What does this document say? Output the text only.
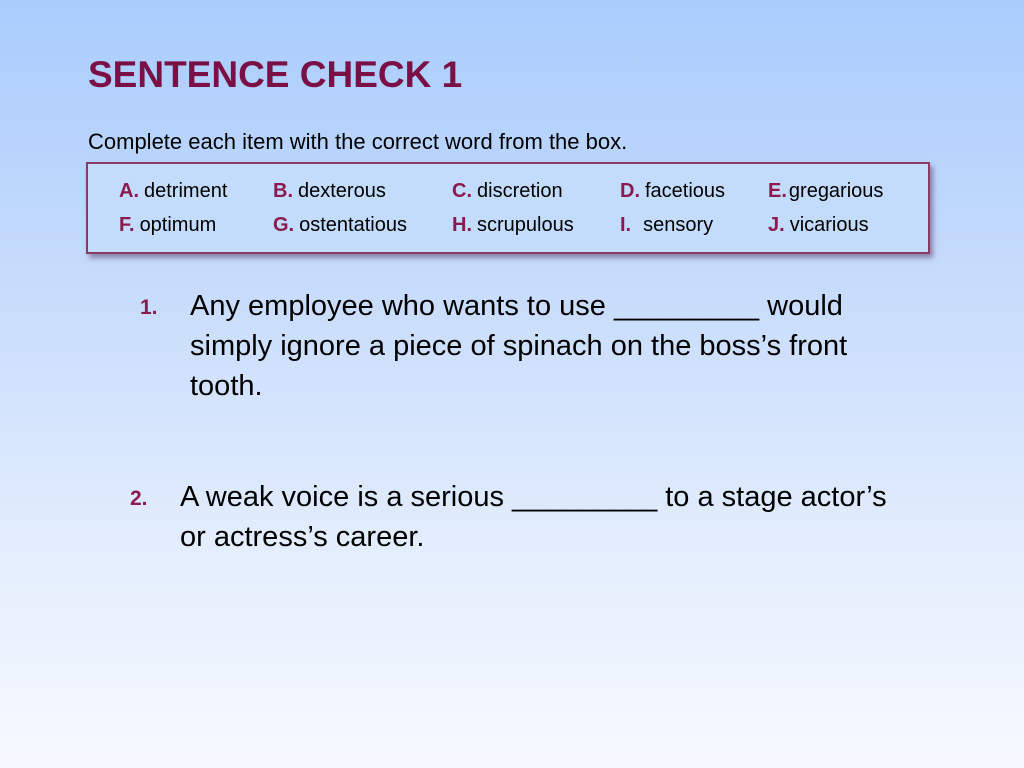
SENTENCE CHECK 1
Complete each item with the correct word from the box.
A. detriment B. dexterous	C. discretion	D. facetious E. gregarious
F. optimum	G. ostentatious H. scrupulous I. sensory	J. vicarious
1. Any employee who wants to use _________ would simply ignore a piece of spinach on the boss’s front tooth.
2. A weak voice is a serious _________ to a stage actor’s or actress’s career.
